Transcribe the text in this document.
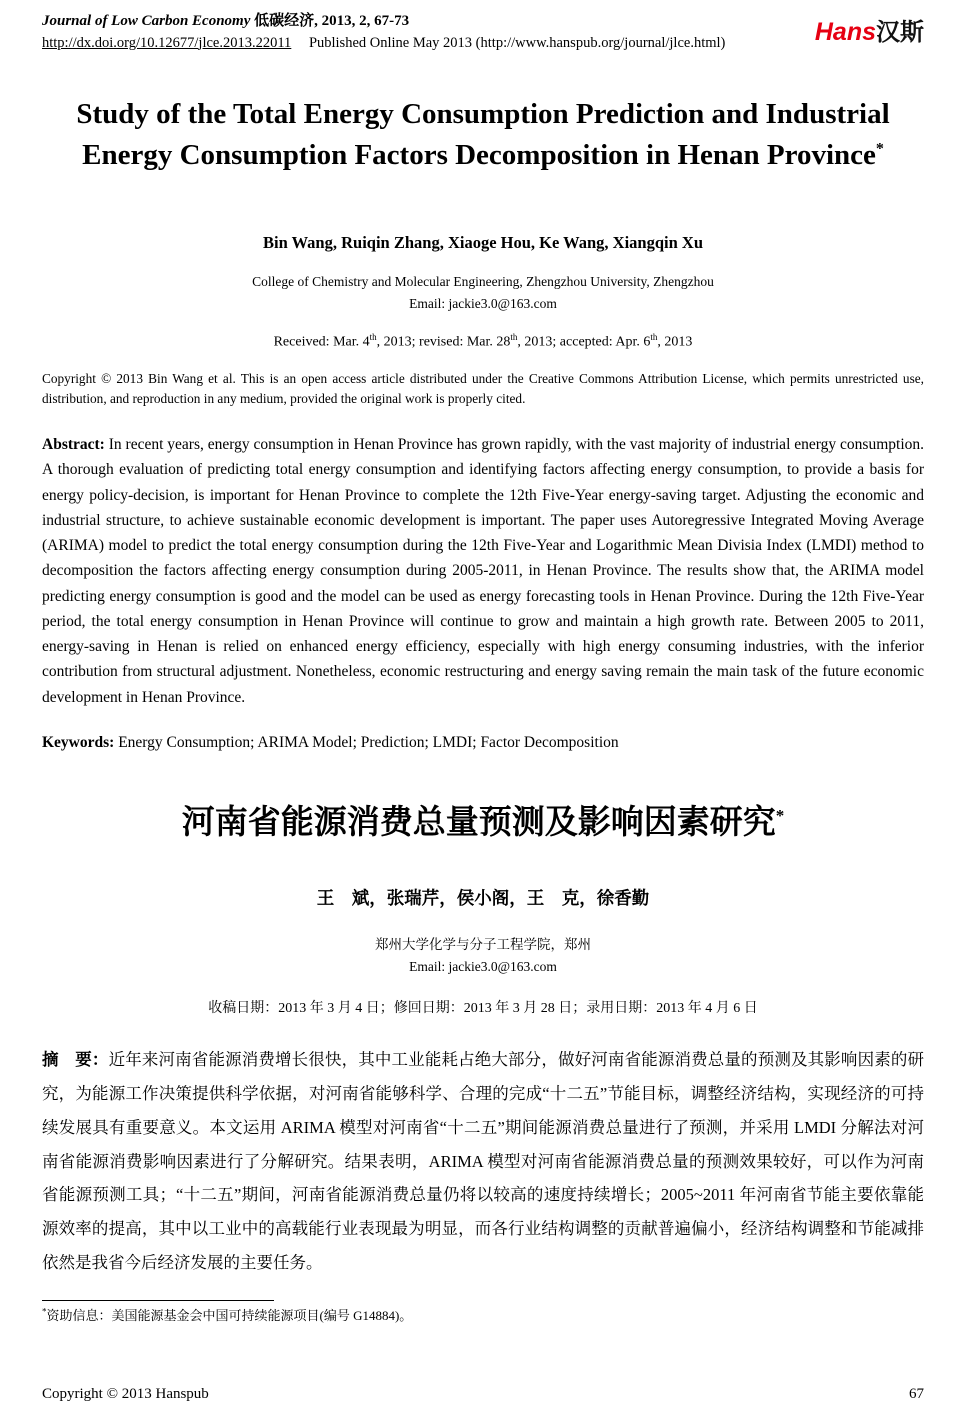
Journal of Low Carbon Economy 低碳经济, 2013, 2, 67-73
http://dx.doi.org/10.12677/jlce.2013.22011 Published Online May 2013 (http://www.hanspub.org/journal/jlce.html)	Hans汉斯
Study of the Total Energy Consumption Prediction and Industrial Energy Consumption Factors Decomposition in Henan Province*
Bin Wang, Ruiqin Zhang, Xiaoge Hou, Ke Wang, Xiangqin Xu
College of Chemistry and Molecular Engineering, Zhengzhou University, Zhengzhou
Email: jackie3.0@163.com
Received: Mar. 4th, 2013; revised: Mar. 28th, 2013; accepted: Apr. 6th, 2013

Copyright © 2013 Bin Wang et al. This is an open access article distributed under the Creative Commons Attribution License, which permits unrestricted use, distribution, and reproduction in any medium, provided the original work is properly cited.

Abstract: In recent years, energy consumption in Henan Province has grown rapidly, with the vast majority of industrial energy consumption. A thorough evaluation of predicting total energy consumption and identifying factors affecting energy consumption, to provide a basis for energy policy-decision, is important for Henan Province to complete the 12th Five-Year energy-saving target. Adjusting the economic and industrial structure, to achieve sustainable economic development is important. The paper uses Autoregressive Integrated Moving Average (ARIMA) model to predict the total energy consumption during the 12th Five-Year and Logarithmic Mean Divisia Index (LMDI) method to decomposition the factors affecting energy consumption during 2005-2011, in Henan Province. The results show that, the ARIMA model predicting energy consumption is good and the model can be used as energy forecasting tools in Henan Province. During the 12th Five-Year period, the total energy consumption in Henan Province will continue to grow and maintain a high growth rate. Between 2005 to 2011, energy-saving in Henan is relied on enhanced energy efficiency, especially with high energy consuming industries, with the inferior contribution from structural adjustment. Nonetheless, economic restructuring and energy saving remain the main task of the future economic development in Henan Province.

Keywords: Energy Consumption; ARIMA Model; Prediction; LMDI; Factor Decomposition

河南省能源消费总量预测及影响因素研究*
王　斌，张瑞芹，侯小阁，王　克，徐香勤
郑州大学化学与分子工程学院，郑州
Email: jackie3.0@163.com
收稿日期：2013 年 3 月 4 日；修回日期：2013 年 3 月 28 日；录用日期：2013 年 4 月 6 日

摘　要：近年来河南省能源消费增长很快，其中工业能耗占绝大部分，做好河南省能源消费总量的预测及其影响因素的研究，为能源工作决策提供科学依据，对河南省能够科学、合理的完成“十二五”节能目标，调整经济结构，实现经济的可持续发展具有重要意义。本文运用 ARIMA 模型对河南省“十二五”期间能源消费总量进行了预测，并采用 LMDI 分解法对河南省能源消费影响因素进行了分解研究。结果表明，ARIMA 模型对河南省能源消费总量的预测效果较好，可以作为河南省能源预测工具；“十二五”期间，河南省能源消费总量仍将以较高的速度持续增长；2005~2011 年河南省节能主要依靠能源效率的提高，其中以工业中的高载能行业表现最为明显，而各行业结构调整的贡献普遍偏小，经济结构调整和节能减排依然是我省今后经济发展的主要任务。

*资助信息：美国能源基金会中国可持续能源项目(编号 G14884)。

Copyright © 2013 Hanspub	67
